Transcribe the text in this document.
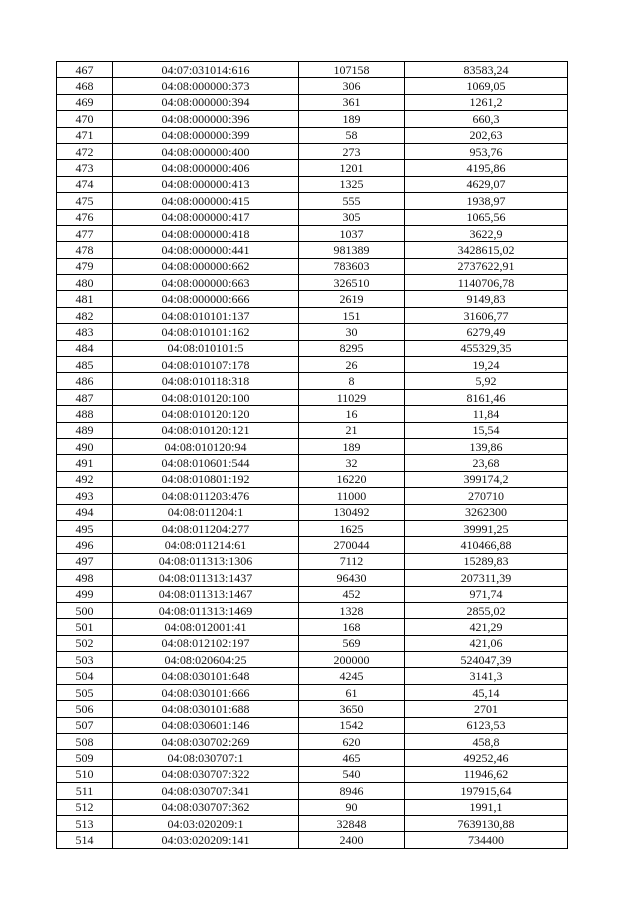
467	04:07:031014:616	107158	83583,24
468	04:08:000000:373	306	1069,05
469	04:08:000000:394	361	1261,2
470	04:08:000000:396	189	660,3
471	04:08:000000:399	58	202,63
472	04:08:000000:400	273	953,76
473	04:08:000000:406	1201	4195,86
474	04:08:000000:413	1325	4629,07
475	04:08:000000:415	555	1938,97
476	04:08:000000:417	305	1065,56
477	04:08:000000:418	1037	3622,9
478	04:08:000000:441	981389	3428615,02
479	04:08:000000:662	783603	2737622,91
480	04:08:000000:663	326510	1140706,78
481	04:08:000000:666	2619	9149,83
482	04:08:010101:137	151	31606,77
483	04:08:010101:162	30	6279,49
484	04:08:010101:5	8295	455329,35
485	04:08:010107:178	26	19,24
486	04:08:010118:318	8	5,92
487	04:08:010120:100	11029	8161,46
488	04:08:010120:120	16	11,84
489	04:08:010120:121	21	15,54
490	04:08:010120:94	189	139,86
491	04:08:010601:544	32	23,68
492	04:08:010801:192	16220	399174,2
493	04:08:011203:476	11000	270710
494	04:08:011204:1	130492	3262300
495	04:08:011204:277	1625	39991,25
496	04:08:011214:61	270044	410466,88
497	04:08:011313:1306	7112	15289,83
498	04:08:011313:1437	96430	207311,39
499	04:08:011313:1467	452	971,74
500	04:08:011313:1469	1328	2855,02
501	04:08:012001:41	168	421,29
502	04:08:012102:197	569	421,06
503	04:08:020604:25	200000	524047,39
504	04:08:030101:648	4245	3141,3
505	04:08:030101:666	61	45,14
506	04:08:030101:688	3650	2701
507	04:08:030601:146	1542	6123,53
508	04:08:030702:269	620	458,8
509	04:08:030707:1	465	49252,46
510	04:08:030707:322	540	11946,62
511	04:08:030707:341	8946	197915,64
512	04:08:030707:362	90	1991,1
513	04:03:020209:1	32848	7639130,88
514	04:03:020209:141	2400	734400
